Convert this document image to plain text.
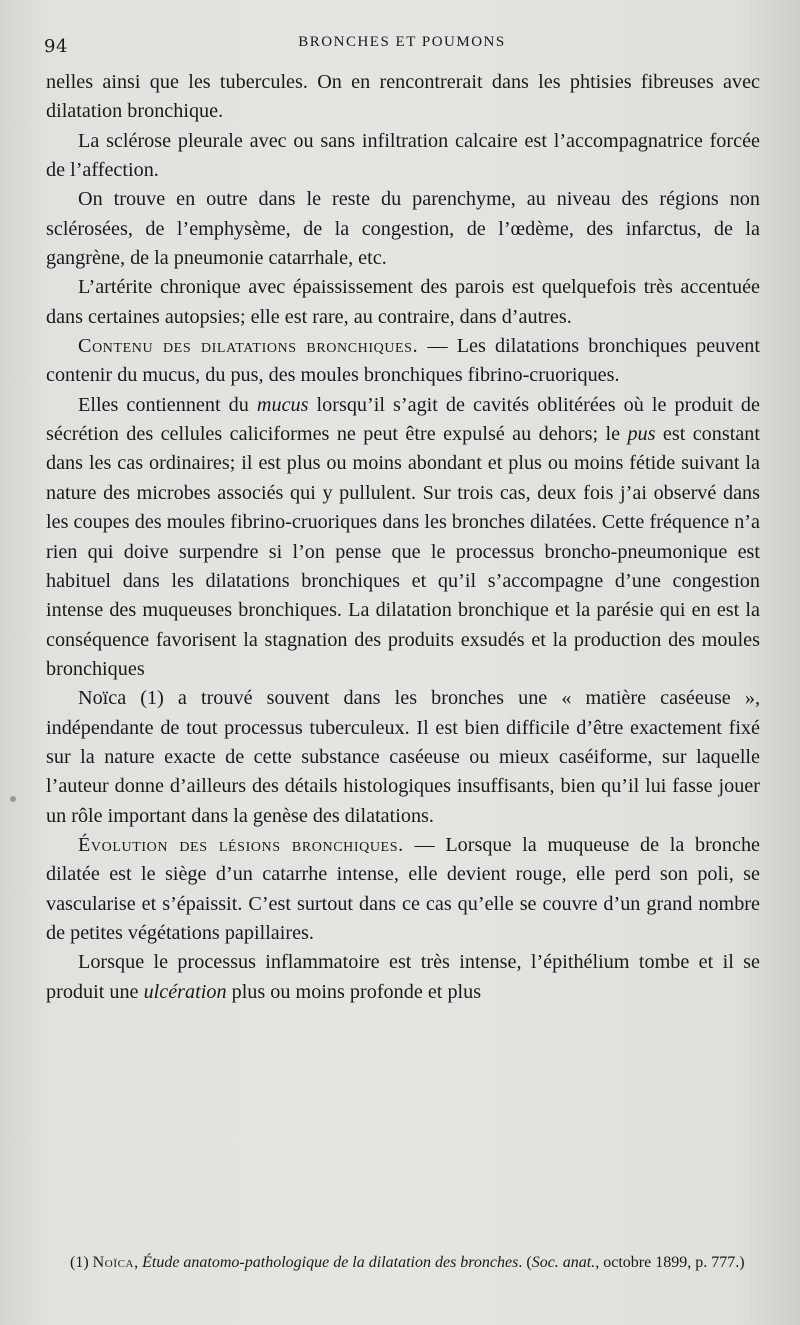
94	BRONCHES ET POUMONS

nelles ainsi que les tubercules. On en rencontrerait dans les phtisies fibreuses avec dilatation bronchique.

La sclérose pleurale avec ou sans infiltration calcaire est l’accompagnatrice forcée de l’affection.

On trouve en outre dans le reste du parenchyme, au niveau des régions non sclérosées, de l’emphysème, de la congestion, de l’œdème, des infarctus, de la gangrène, de la pneumonie catarrhale, etc.

L’artérite chronique avec épaississement des parois est quelquefois très accentuée dans certaines autopsies; elle est rare, au contraire, dans d’autres.

Contenu des dilatations bronchiques. — Les dilatations bronchiques peuvent contenir du mucus, du pus, des moules bronchiques fibrino-cruoriques.

Elles contiennent du mucus lorsqu’il s’agit de cavités oblitérées où le produit de sécrétion des cellules caliciformes ne peut être expulsé au dehors; le pus est constant dans les cas ordinaires; il est plus ou moins abondant et plus ou moins fétide suivant la nature des microbes associés qui y pullulent. Sur trois cas, deux fois j’ai observé dans les coupes des moules fibrino-cruoriques dans les bronches dilatées. Cette fréquence n’a rien qui doive surpendre si l’on pense que le processus broncho-pneumonique est habituel dans les dilatations bronchiques et qu’il s’accompagne d’une congestion intense des muqueuses bronchiques. La dilatation bronchique et la parésie qui en est la conséquence favorisent la stagnation des produits exsudés et la production des moules bronchiques

Noïca (1) a trouvé souvent dans les bronches une « matière caséeuse », indépendante de tout processus tuberculeux. Il est bien difficile d’être exactement fixé sur la nature exacte de cette substance caséeuse ou mieux caséiforme, sur laquelle l’auteur donne d’ailleurs des détails histologiques insuffisants, bien qu’il lui fasse jouer un rôle important dans la genèse des dilatations.

Évolution des lésions bronchiques. — Lorsque la muqueuse de la bronche dilatée est le siège d’un catarrhe intense, elle devient rouge, elle perd son poli, se vascularise et s’épaissit. C’est surtout dans ce cas qu’elle se couvre d’un grand nombre de petites végétations papillaires.

Lorsque le processus inflammatoire est très intense, l’épithélium tombe et il se produit une ulcération plus ou moins profonde et plus

(1) Noïca, Étude anatomo-pathologique de la dilatation des bronches. (Soc. anat., octobre 1899, p. 777.)
